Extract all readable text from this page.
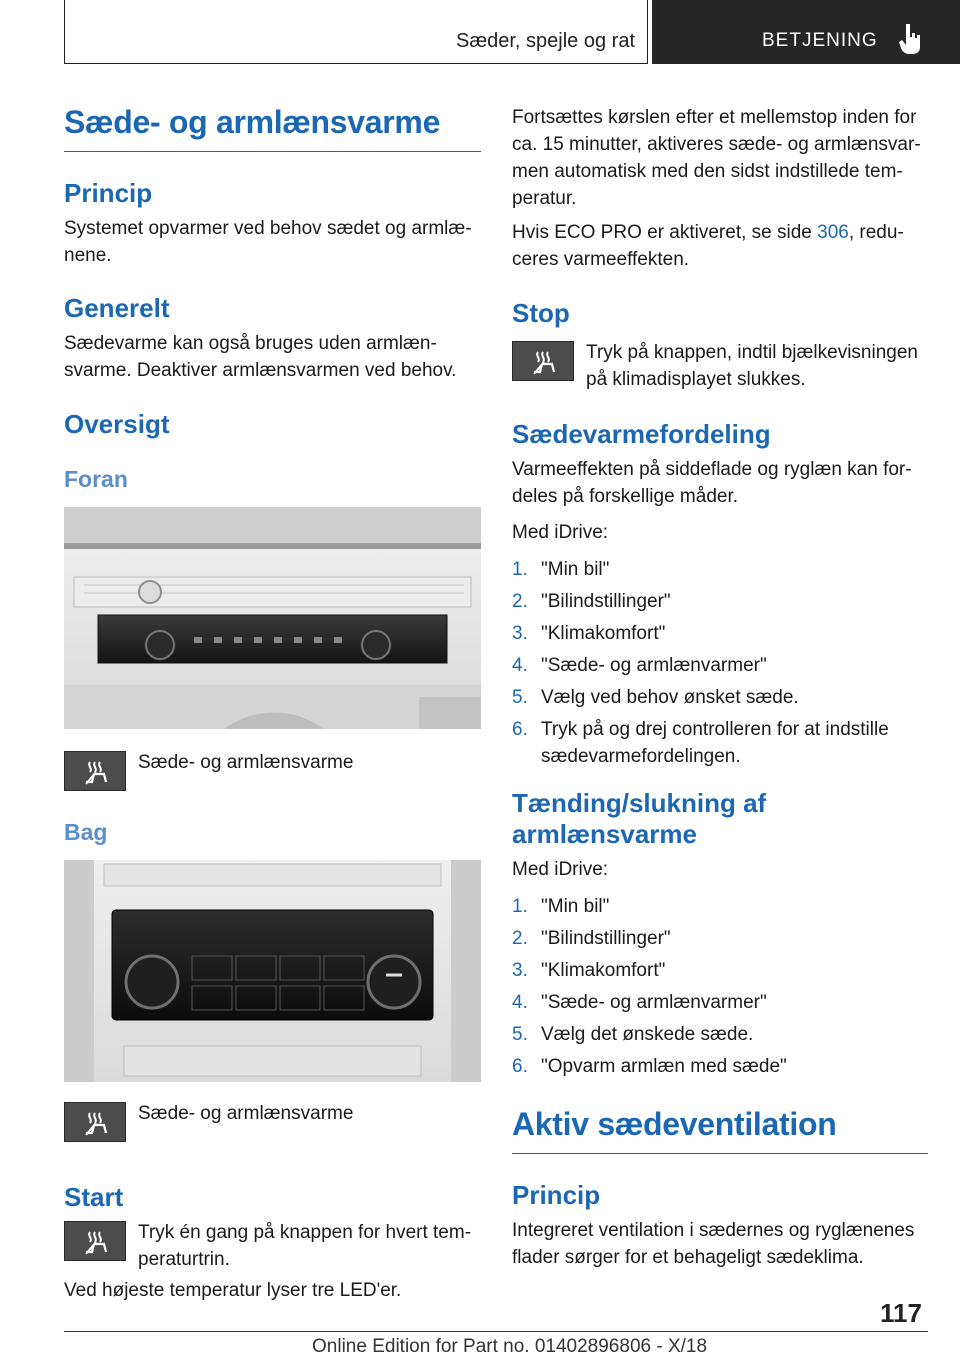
Sæder, spejle og rat	BETJENING
Sæde- og armlænsvarme
Princip

Systemet opvarmer ved behov sædet og armlæ-nene.

Generelt

Sædevarme kan også bruges uden armlæn-svarme. Deaktiver armlænsvarmen ved behov.

Oversigt
Foran

Sæde- og armlænsvarme

Bag

Sæde- og armlænsvarme

Start

Tryk én gang på knappen for hvert tem-peraturtrin.

Ved højeste temperatur lyser tre LED'er.

Fortsættes kørslen efter et mellemstop inden for ca. 15 minutter, aktiveres sæde- og armlænsvar-men automatisk med den sidst indstillede tem-peratur.

Hvis ECO PRO er aktiveret, se side 306, redu-ceres varmeeffekten.

Stop

Tryk på knappen, indtil bjælkevisningen på klimadisplayet slukkes.

Sædevarmefordeling

Varmeeffekten på siddeflade og ryglæn kan for-deles på forskellige måder.

Med iDrive:

1. "Min bil"
2. "Bilindstillinger"
3. "Klimakomfort"
4. "Sæde- og armlænvarmer"
5. Vælg ved behov ønsket sæde.
6. Tryk på og drej controlleren for at indstille sædevarmefordelingen.
Tænding/slukning af armlænsvarme

Med iDrive:

1. "Min bil"
2. "Bilindstillinger"
3. "Klimakomfort"
4. "Sæde- og armlænvarmer"
5. Vælg det ønskede sæde.
6. "Opvarm armlæn med sæde"
Aktiv sædeventilation
Princip

Integreret ventilation i sædernes og ryglænenes flader sørger for et behageligt sædeklima.

117
Online Edition for Part no. 01402896806 - X/18
